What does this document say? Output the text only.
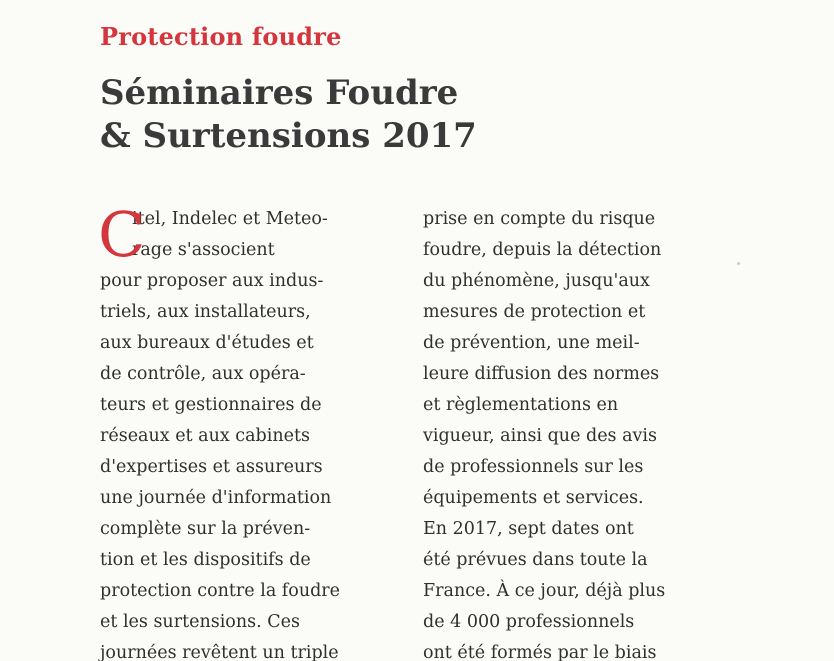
Protection foudre
Séminaires Foudre
& Surtensions 2017
C
itel, Indelec et Meteo-
rage s'associent
pour proposer aux indus-
triels, aux installateurs,
aux bureaux d'études et
de contrôle, aux opéra-
teurs et gestionnaires de
réseaux et aux cabinets
d'expertises et assureurs
une journée d'information
complète sur la préven-
tion et les dispositifs de
protection contre la foudre
et les surtensions. Ces
journées revêtent un triple
prise en compte du risque
foudre, depuis la détection
du phénomène, jusqu'aux
mesures de protection et
de prévention, une meil-
leure diffusion des normes
et règlementations en
vigueur, ainsi que des avis
de professionnels sur les
équipements et services.
En 2017, sept dates ont
été prévues dans toute la
France. À ce jour, déjà plus
de 4 000 professionnels
ont été formés par le biais
